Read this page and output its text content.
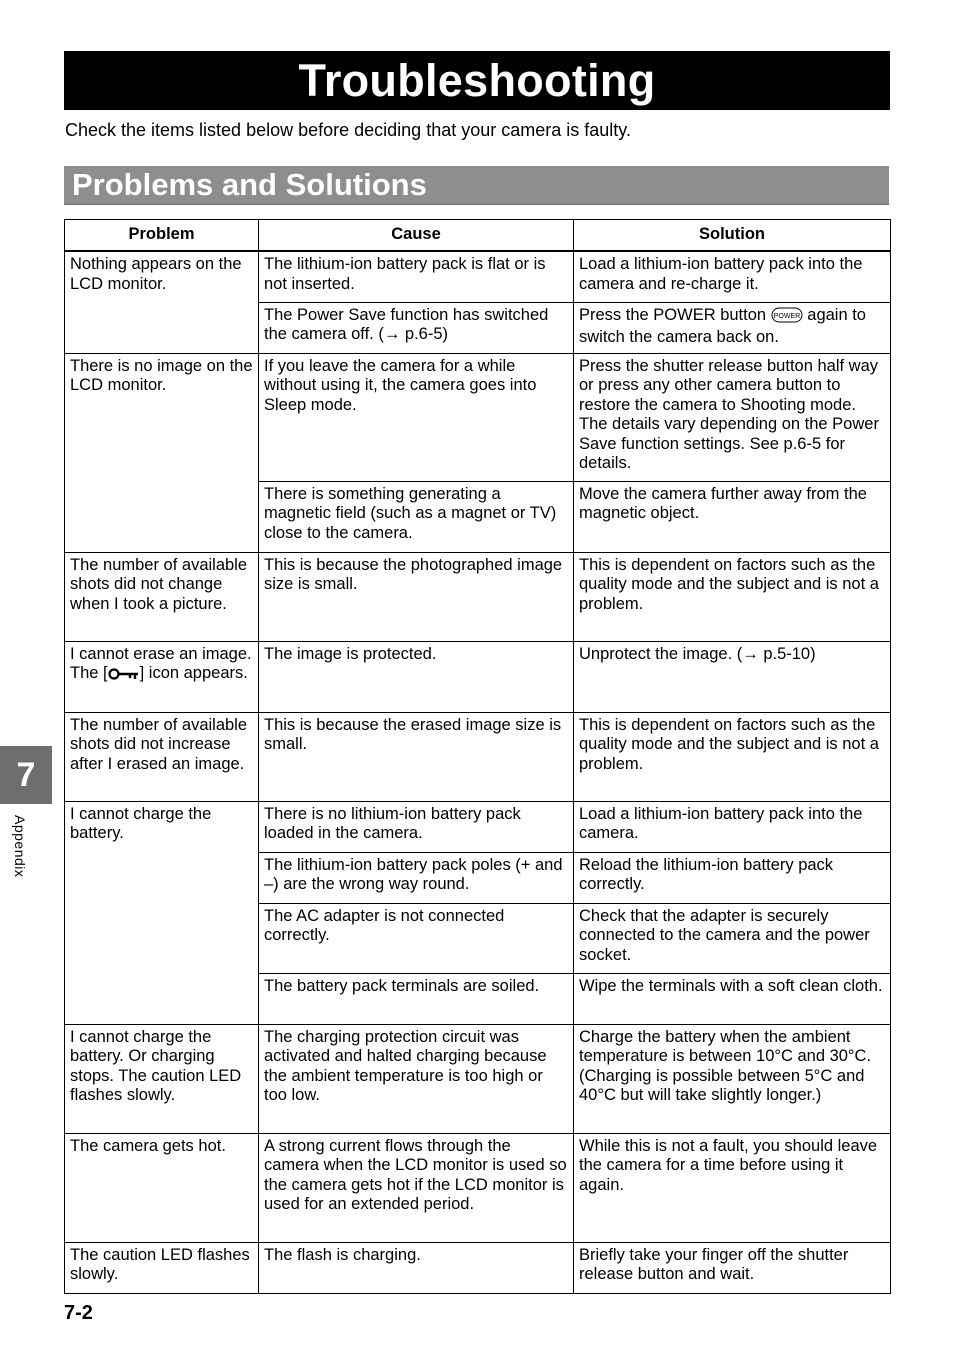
Troubleshooting
Check the items listed below before deciding that your camera is faulty.
Problems and Solutions
Problem	Cause	Solution
Nothing appears on the LCD monitor.	The lithium-ion battery pack is flat or is not inserted.	Load a lithium-ion battery pack into the camera and re-charge it.
	The Power Save function has switched the camera off. (→ p.6-5)	Press the POWER button POWER again to switch the camera back on.
There is no image on the LCD monitor.	If you leave the camera for a while without using it, the camera goes into Sleep mode.	Press the shutter release button half way or press any other camera button to restore the camera to Shooting mode. The details vary depending on the Power Save function settings. See p.6-5 for details.
	There is something generating a magnetic field (such as a magnet or TV) close to the camera.	Move the camera further away from the magnetic object.
The number of available shots did not change when I took a picture.	This is because the photographed image size is small.	This is dependent on factors such as the quality mode and the subject and is not a problem.
I cannot erase an image. The [ ] icon appears.	The image is protected.	Unprotect the image. (→ p.5-10)
The number of available shots did not increase after I erased an image.	This is because the erased image size is small.	This is dependent on factors such as the quality mode and the subject and is not a problem.
I cannot charge the battery.	There is no lithium-ion battery pack loaded in the camera.	Load a lithium-ion battery pack into the camera.
	The lithium-ion battery pack poles (+ and –) are the wrong way round.	Reload the lithium-ion battery pack correctly.
	The AC adapter is not connected correctly.	Check that the adapter is securely connected to the camera and the power socket.
	The battery pack terminals are soiled.	Wipe the terminals with a soft clean cloth.
I cannot charge the battery. Or charging stops. The caution LED flashes slowly.	The charging protection circuit was activated and halted charging because the ambient temperature is too high or too low.	Charge the battery when the ambient temperature is between 10°C and 30°C. (Charging is possible between 5°C and 40°C but will take slightly longer.)
The camera gets hot.	A strong current flows through the camera when the LCD monitor is used so the camera gets hot if the LCD monitor is used for an extended period.	While this is not a fault, you should leave the camera for a time before using it again.
The caution LED flashes slowly.	The flash is charging.	Briefly take your finger off the shutter release button and wait.
7
Appendix
7-2
